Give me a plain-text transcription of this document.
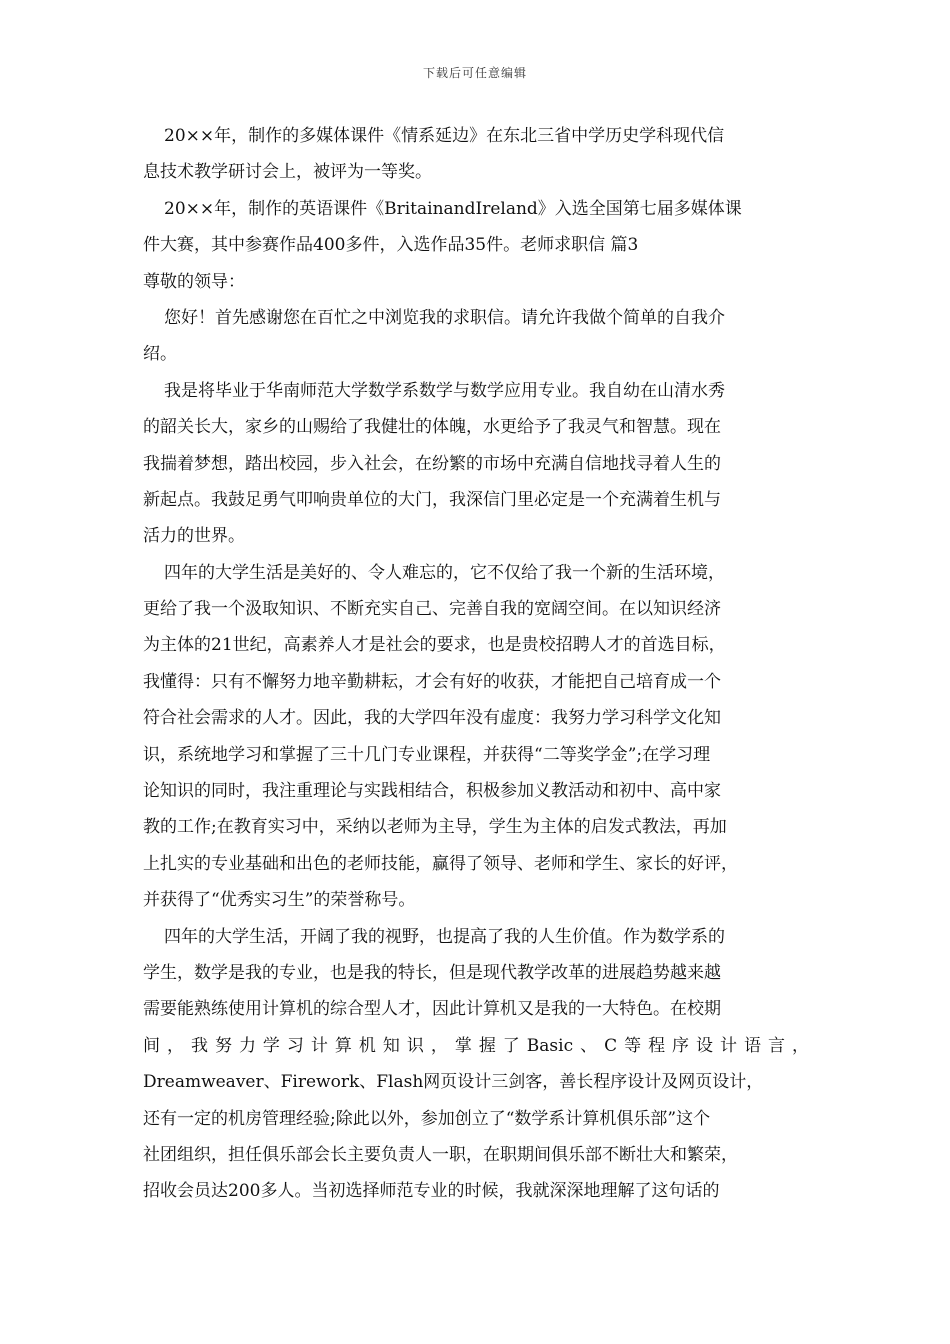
下载后可任意编辑
20××年，制作的多媒体课件《情系延边》在东北三省中学历史学科现代信
息技术教学研讨会上，被评为一等奖。
20××年，制作的英语课件《BritainandIreland》入选全国第七届多媒体课
件大赛，其中参赛作品400多件，入选作品35件。老师求职信 篇3
尊敬的领导：
您好！首先感谢您在百忙之中浏览我的求职信。请允许我做个简单的自我介
绍。
我是将毕业于华南师范大学数学系数学与数学应用专业。我自幼在山清水秀
的韶关长大，家乡的山赐给了我健壮的体魄，水更给予了我灵气和智慧。现在
我揣着梦想，踏出校园，步入社会，在纷繁的市场中充满自信地找寻着人生的
新起点。我鼓足勇气叩响贵单位的大门，我深信门里必定是一个充满着生机与
活力的世界。
四年的大学生活是美好的、令人难忘的，它不仅给了我一个新的生活环境，
更给了我一个汲取知识、不断充实自己、完善自我的宽阔空间。在以知识经济
为主体的21世纪，高素养人才是社会的要求，也是贵校招聘人才的首选目标，
我懂得：只有不懈努力地辛勤耕耘，才会有好的收获，才能把自己培育成一个
符合社会需求的人才。因此，我的大学四年没有虚度：我努力学习科学文化知
识，系统地学习和掌握了三十几门专业课程，并获得“二等奖学金”;在学习理
论知识的同时，我注重理论与实践相结合，积极参加义教活动和初中、高中家
教的工作;在教育实习中，采纳以老师为主导，学生为主体的启发式教法，再加
上扎实的专业基础和出色的老师技能，赢得了领导、老师和学生、家长的好评，
并获得了“优秀实习生”的荣誉称号。
四年的大学生活，开阔了我的视野，也提高了我的人生价值。作为数学系的
学生，数学是我的专业，也是我的特长，但是现代教学改革的进展趋势越来越
需要能熟练使用计算机的综合型人才，因此计算机又是我的一大特色。在校期
间，我努力学习计算机知识，掌握了Basic、C等程序设计语言，
Dreamweaver、Firework、Flash网页设计三剑客，善长程序设计及网页设计，
还有一定的机房管理经验;除此以外，参加创立了“数学系计算机俱乐部”这个
社团组织，担任俱乐部会长主要负责人一职，在职期间俱乐部不断壮大和繁荣，
招收会员达200多人。当初选择师范专业的时候，我就深深地理解了这句话的
